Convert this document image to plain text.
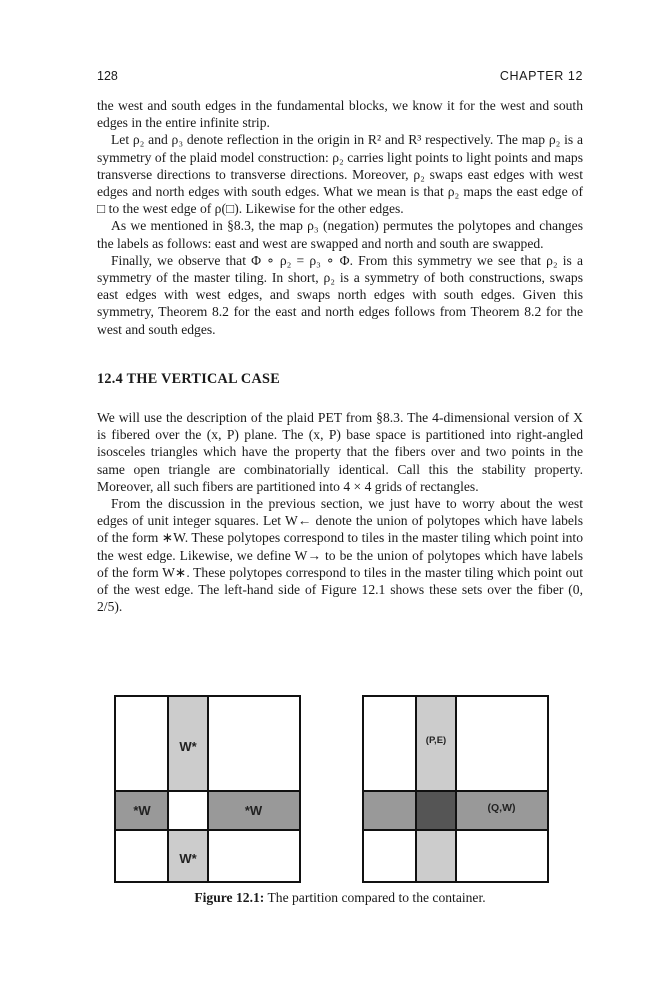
128	CHAPTER 12

the west and south edges in the fundamental blocks, we know it for the west and south edges in the entire infinite strip.

Let ρ₂ and ρ₃ denote reflection in the origin in R² and R³ respectively. The map ρ₂ is a symmetry of the plaid model construction: ρ₂ carries light points to light points and maps transverse directions to transverse directions. Moreover, ρ₂ swaps east edges with west edges and north edges with south edges. What we mean is that ρ₂ maps the east edge of □ to the west edge of ρ(□). Likewise for the other edges.

As we mentioned in §8.3, the map ρ₃ (negation) permutes the polytopes and changes the labels as follows: east and west are swapped and north and south are swapped.

Finally, we observe that Φ ∘ ρ₂ = ρ₃ ∘ Φ. From this symmetry we see that ρ₂ is a symmetry of the master tiling. In short, ρ₂ is a symmetry of both constructions, swaps east edges with west edges, and swaps north edges with south edges. Given this symmetry, Theorem 8.2 for the east and north edges follows from Theorem 8.2 for the west and south edges.

12.4 THE VERTICAL CASE

We will use the description of the plaid PET from §8.3. The 4-dimensional version of X is fibered over the (x, P) plane. The (x, P) base space is partitioned into right-angled isosceles triangles which have the property that the fibers over and two points in the same open triangle are combinatorially identical. Call this the stability property. Moreover, all such fibers are partitioned into 4 × 4 grids of rectangles.

From the discussion in the previous section, we just have to worry about the west edges of unit integer squares. Let W← denote the union of polytopes which have labels of the form ∗W. These polytopes correspond to tiles in the master tiling which point into the west edge. Likewise, we define W→ to be the union of polytopes which have labels of the form W∗. These polytopes correspond to tiles in the master tiling which point out of the west edge. The left-hand side of Figure 12.1 shows these sets over the fiber (0, 2/5).

W*
*W	*W
W*
(P,E)
(Q,W)
Figure 12.1: The partition compared to the container.
